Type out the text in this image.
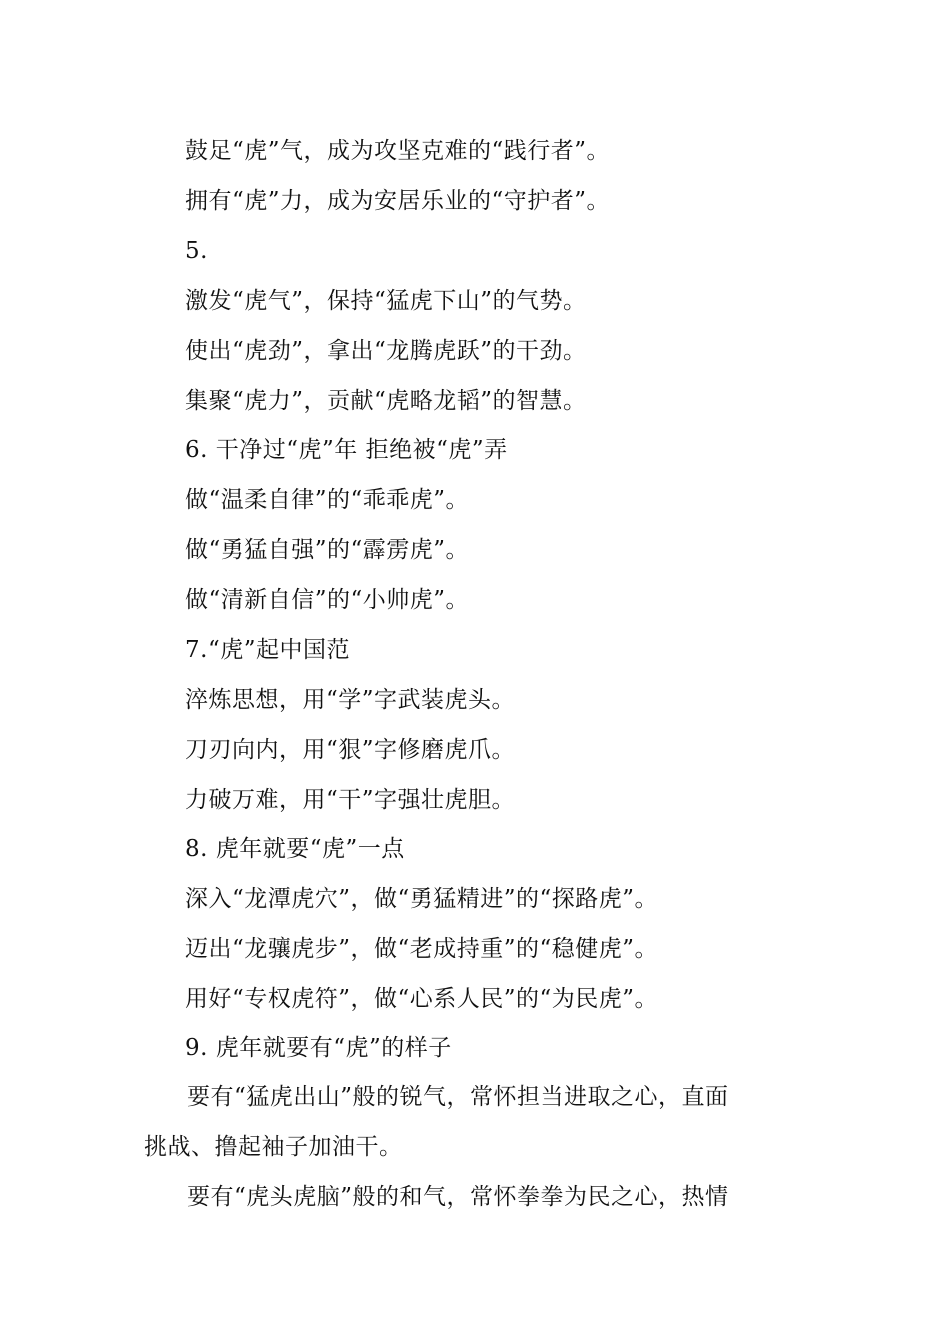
鼓足“虎”气，成为攻坚克难的“践行者”。
拥有“虎”力，成为安居乐业的“守护者”。
5.
激发“虎气”，保持“猛虎下山”的气势。
使出“虎劲”，拿出“龙腾虎跃”的干劲。
集聚“虎力”，贡献“虎略龙韬”的智慧。
6. 干净过“虎”年 拒绝被“虎”弄
做“温柔自律”的“乖乖虎”。
做“勇猛自强”的“霹雳虎”。
做“清新自信”的“小帅虎”。
7.“虎”起中国范
淬炼思想，用“学”字武装虎头。
刀刃向内，用“狠”字修磨虎爪。
力破万难，用“干”字强壮虎胆。
8. 虎年就要“虎”一点
深入“龙潭虎穴”，做“勇猛精进”的“探路虎”。
迈出“龙骧虎步”，做“老成持重”的“稳健虎”。
用好“专权虎符”，做“心系人民”的“为民虎”。
9. 虎年就要有“虎”的样子
要有“猛虎出山”般的锐气，常怀担当进取之心，直面
挑战、撸起袖子加油干。
要有“虎头虎脑”般的和气，常怀拳拳为民之心，热情
